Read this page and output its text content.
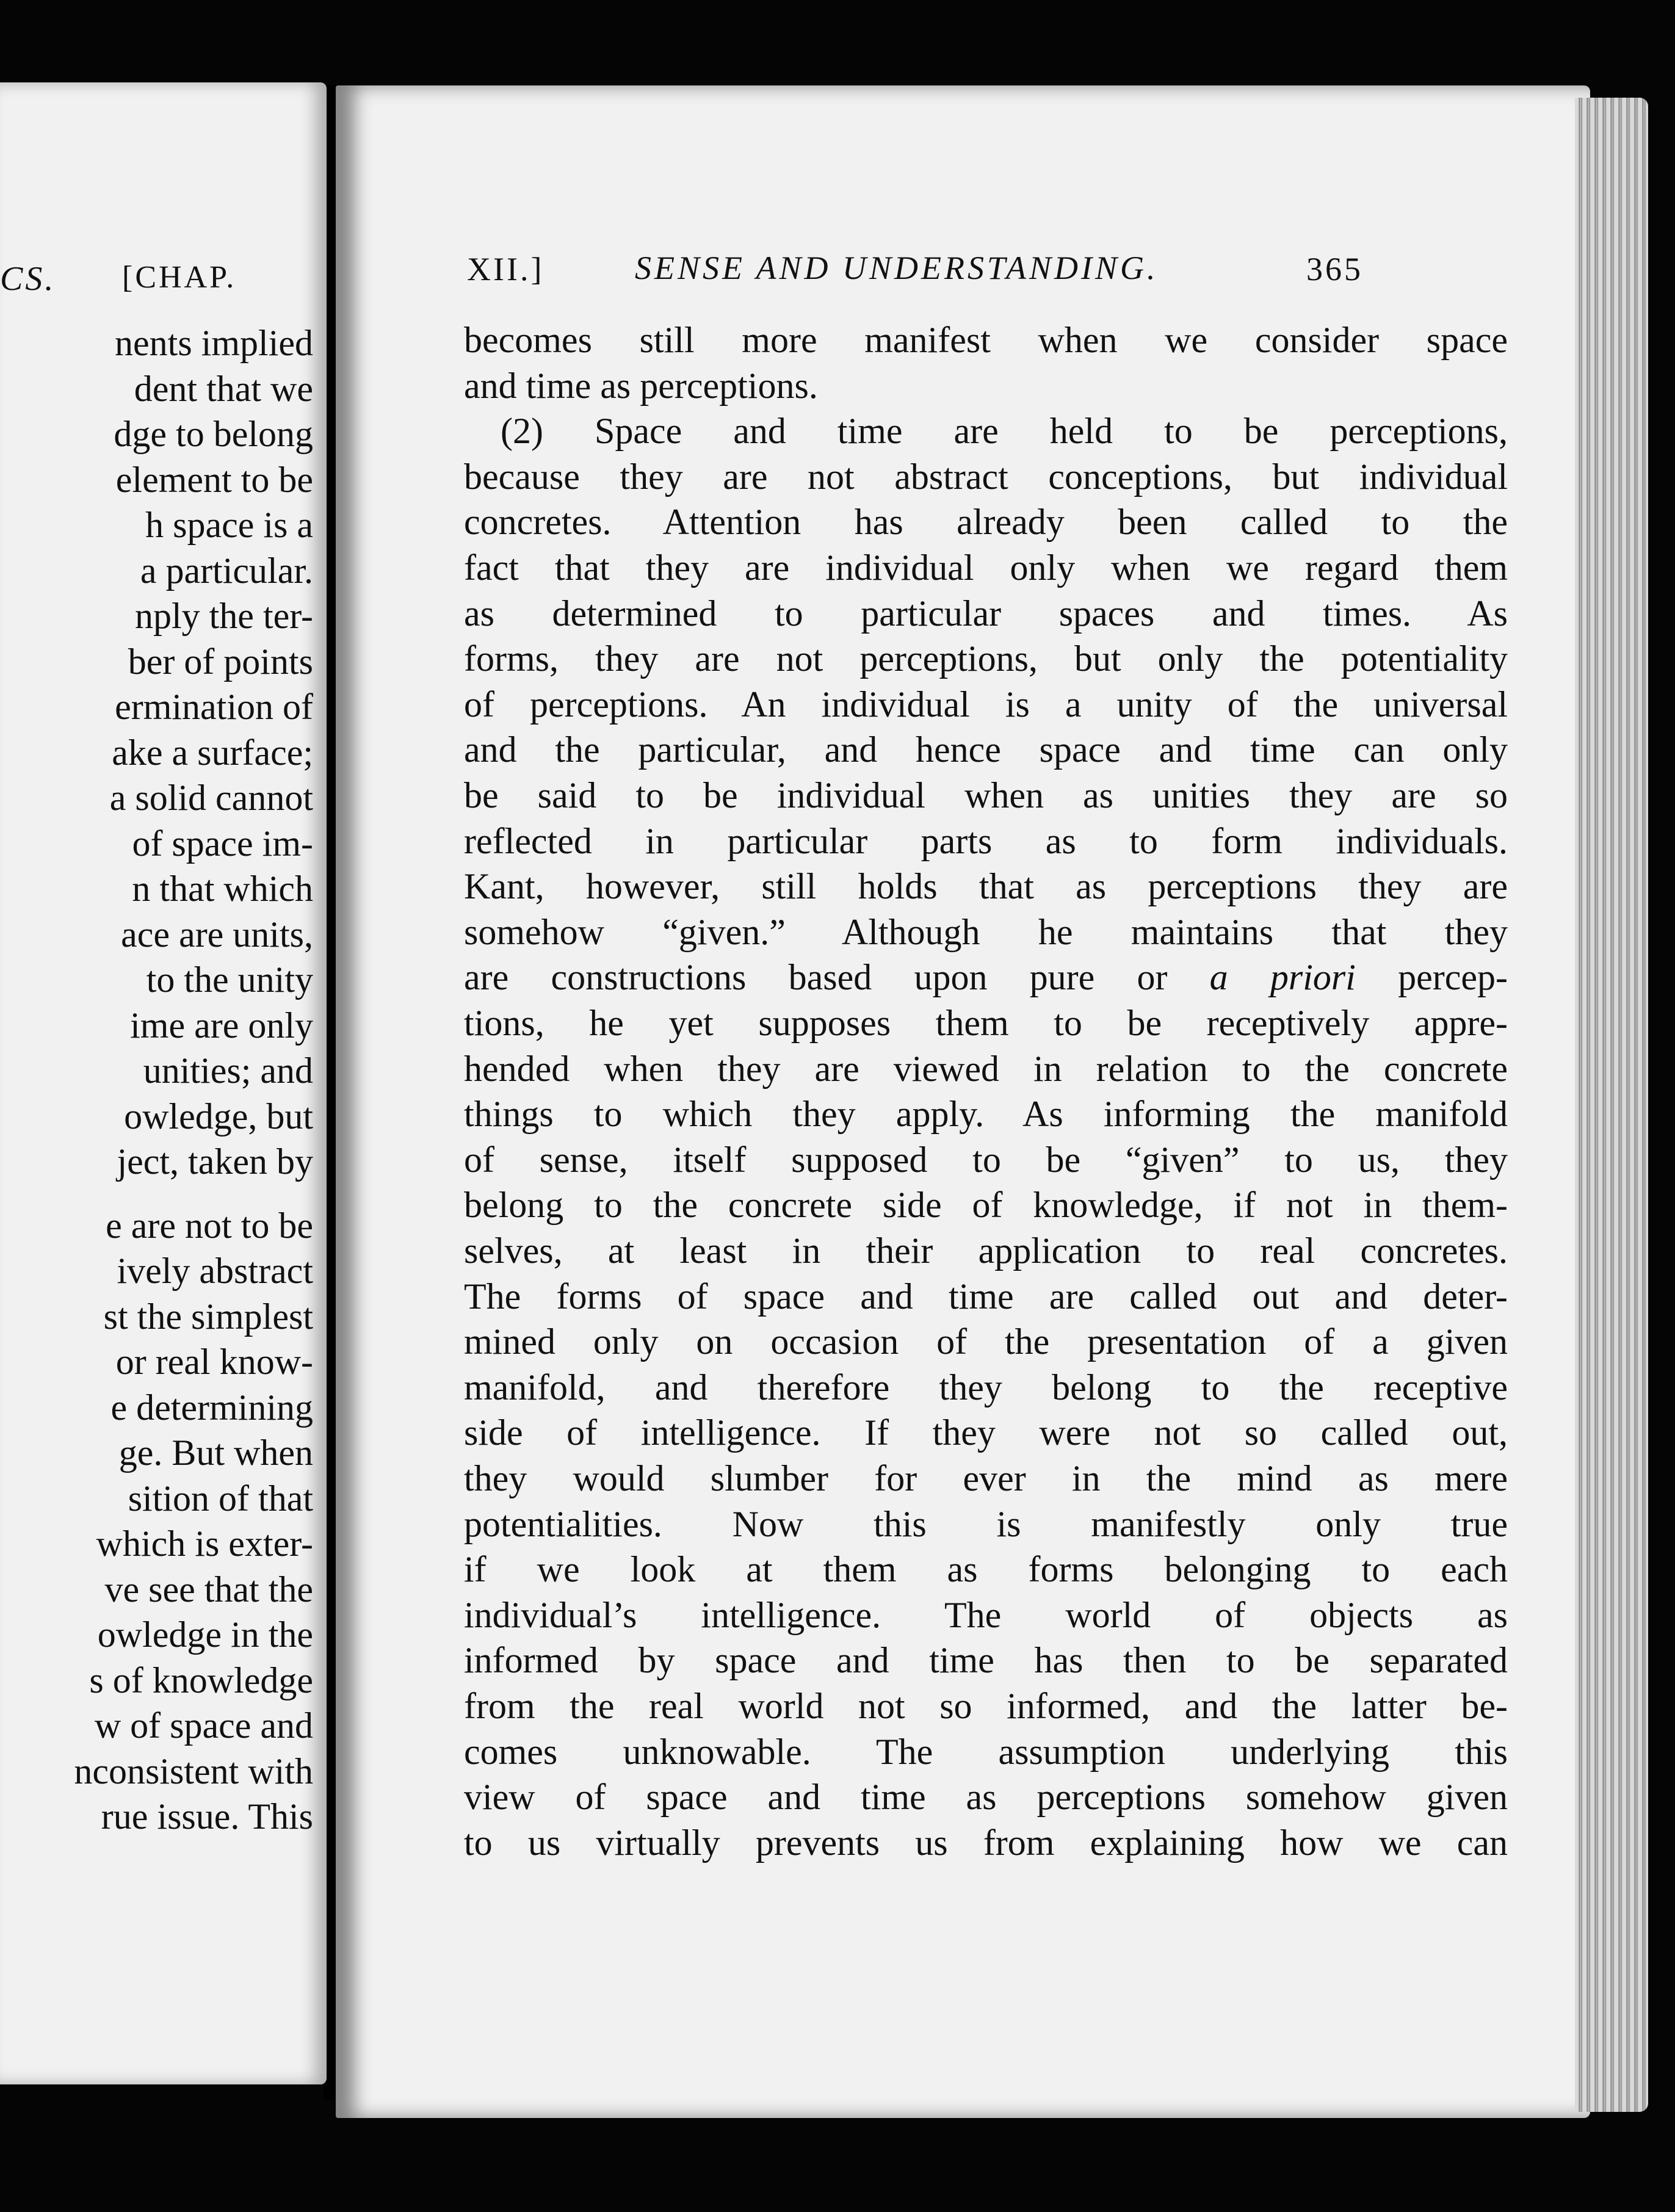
CS. [CHAP.
nents implied
dent that we
dge to belong
element to be
h space is a
a particular.
nply the ter-
ber of points
ermination of
ake a surface;
a solid cannot
of space im-
n that which
ace are units,
to the unity
ime are only
unities; and
owledge, but
ject, taken by
e are not to be
ively abstract
st the simplest
or real know-
e determining
ge. But when
sition of that
which is exter-
ve see that the
owledge in the
s of knowledge
w of space and
nconsistent with
rue issue. This
XII.]	SENSE AND UNDERSTANDING.	365
becomes still more manifest when we consider space
and time as perceptions.
(2) Space and time are held to be perceptions,
because they are not abstract conceptions, but individual
concretes. Attention has already been called to the
fact that they are individual only when we regard them
as determined to particular spaces and times. As
forms, they are not perceptions, but only the potentiality
of perceptions. An individual is a unity of the universal
and the particular, and hence space and time can only
be said to be individual when as unities they are so
reflected in particular parts as to form individuals.
Kant, however, still holds that as perceptions they are
somehow “given.” Although he maintains that they
are constructions based upon pure or a priori percep-
tions, he yet supposes them to be receptively appre-
hended when they are viewed in relation to the concrete
things to which they apply. As informing the manifold
of sense, itself supposed to be “given” to us, they
belong to the concrete side of knowledge, if not in them-
selves, at least in their application to real concretes.
The forms of space and time are called out and deter-
mined only on occasion of the presentation of a given
manifold, and therefore they belong to the receptive
side of intelligence. If they were not so called out,
they would slumber for ever in the mind as mere
potentialities. Now this is manifestly only true
if we look at them as forms belonging to each
individual’s intelligence. The world of objects as
informed by space and time has then to be separated
from the real world not so informed, and the latter be-
comes unknowable. The assumption underlying this
view of space and time as perceptions somehow given
to us virtually prevents us from explaining how we can
